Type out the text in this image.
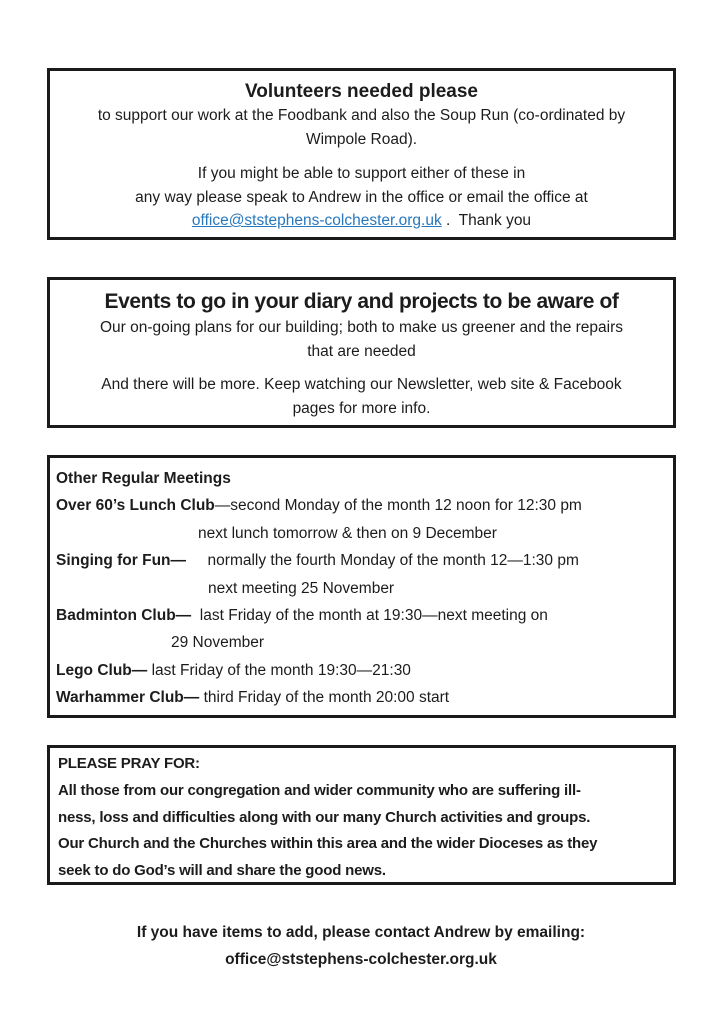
Volunteers needed please
to support our work at the Foodbank and also the Soup Run (co-ordinated by
Wimpole Road).
If you might be able to support either of these in
any way please speak to Andrew in the office or email the office at
office@ststephens-colchester.org.uk .  Thank you
Events to go in your diary and projects to be aware of
Our on-going plans for our building; both to make us greener and the repairs
that are needed
And there will be more. Keep watching our Newsletter, web site & Facebook
pages for more info.
Other Regular Meetings
Over 60’s Lunch Club—second Monday of the month 12 noon for 12:30 pm
next lunch tomorrow & then on 9 December
Singing for Fun—     normally the fourth Monday of the month 12—1:30 pm
next meeting 25 November
Badminton Club—  last Friday of the month at 19:30—next meeting on
29 November
Lego Club— last Friday of the month 19:30—21:30
Warhammer Club— third Friday of the month 20:00 start
PLEASE PRAY FOR:
All those from our congregation and wider community who are suffering ill-
ness, loss and difficulties along with our many Church activities and groups.
Our Church and the Churches within this area and the wider Dioceses as they
seek to do God’s will and share the good news.
If you have items to add, please contact Andrew by emailing:
office@ststephens-colchester.org.uk
